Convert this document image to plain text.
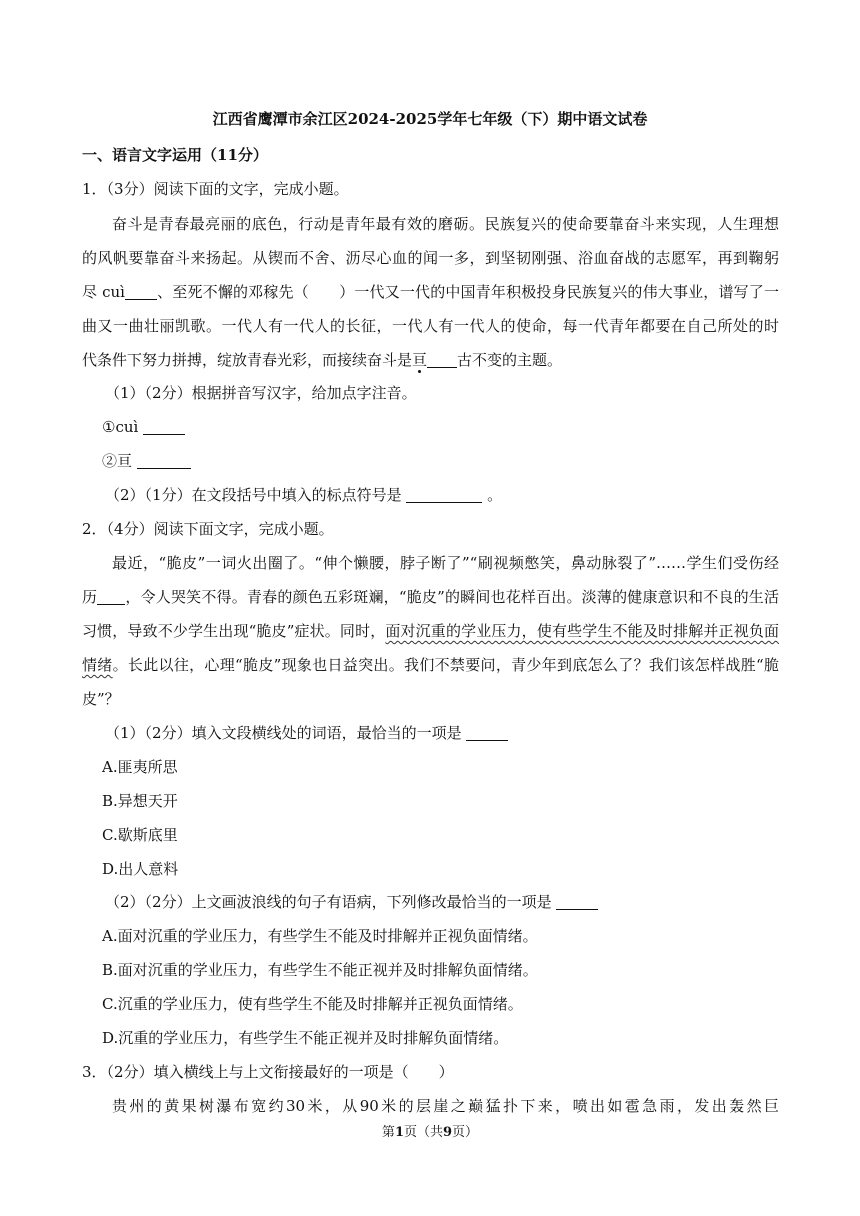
江西省鹰潭市余江区2024-2025学年七年级（下）期中语文试卷
一、语言文字运用（11分）
1．（3分）阅读下面的文字，完成小题。
奋斗是青春最亮丽的底色，行动是青年最有效的磨砺。民族复兴的使命要靠奋斗来实现，人生理想
的风帆要靠奋斗来扬起。从锲而不舍、沥尽心血的闻一多，到坚韧刚强、浴血奋战的志愿军，再到鞠躬
尽 cuì 、至死不懈的邓稼先（　　）一代又一代的中国青年积极投身民族复兴的伟大事业，谱写了一
曲又一曲壮丽凯歌。一代人有一代人的长征，一代人有一代人的使命，每一代青年都要在自己所处的时
代条件下努力拼搏，绽放青春光彩，而接续奋斗是亘 古不变的主题。
（1）（2分）根据拼音写汉字，给加点字注音。
①cuì
②亘
（2）（1分）在文段括号中填入的标点符号是	。
2．（4分）阅读下面文字，完成小题。
最近，“脆皮”一词火出圈了。“伸个懒腰，脖子断了”“刷视频憋笑，鼻动脉裂了”……学生们受伤经
历 ，令人哭笑不得。青春的颜色五彩斑斓，“脆皮”的瞬间也花样百出。淡薄的健康意识和不良的生活
习惯，导致不少学生出现“脆皮”症状。同时，面对沉重的学业压力，使有些学生不能及时排解并正视负面
情绪。长此以往，心理“脆皮”现象也日益突出。我们不禁要问，青少年到底怎么了？我们该怎样战胜“脆
皮”？
（1）（2分）填入文段横线处的词语，最恰当的一项是
A.匪夷所思
B.异想天开
C.歇斯底里
D.出人意料
（2）（2分）上文画波浪线的句子有语病，下列修改最恰当的一项是
A.面对沉重的学业压力，有些学生不能及时排解并正视负面情绪。
B.面对沉重的学业压力，有些学生不能正视并及时排解负面情绪。
C.沉重的学业压力，使有些学生不能及时排解并正视负面情绪。
D.沉重的学业压力，有些学生不能正视并及时排解负面情绪。
3．（2分）填入横线上与上文衔接最好的一项是（　　）
贵州的黄果树瀑布宽约30米，从90米的层崖之巅猛扑下来，喷出如雹急雨，发出轰然巨
第1页（共9页）
